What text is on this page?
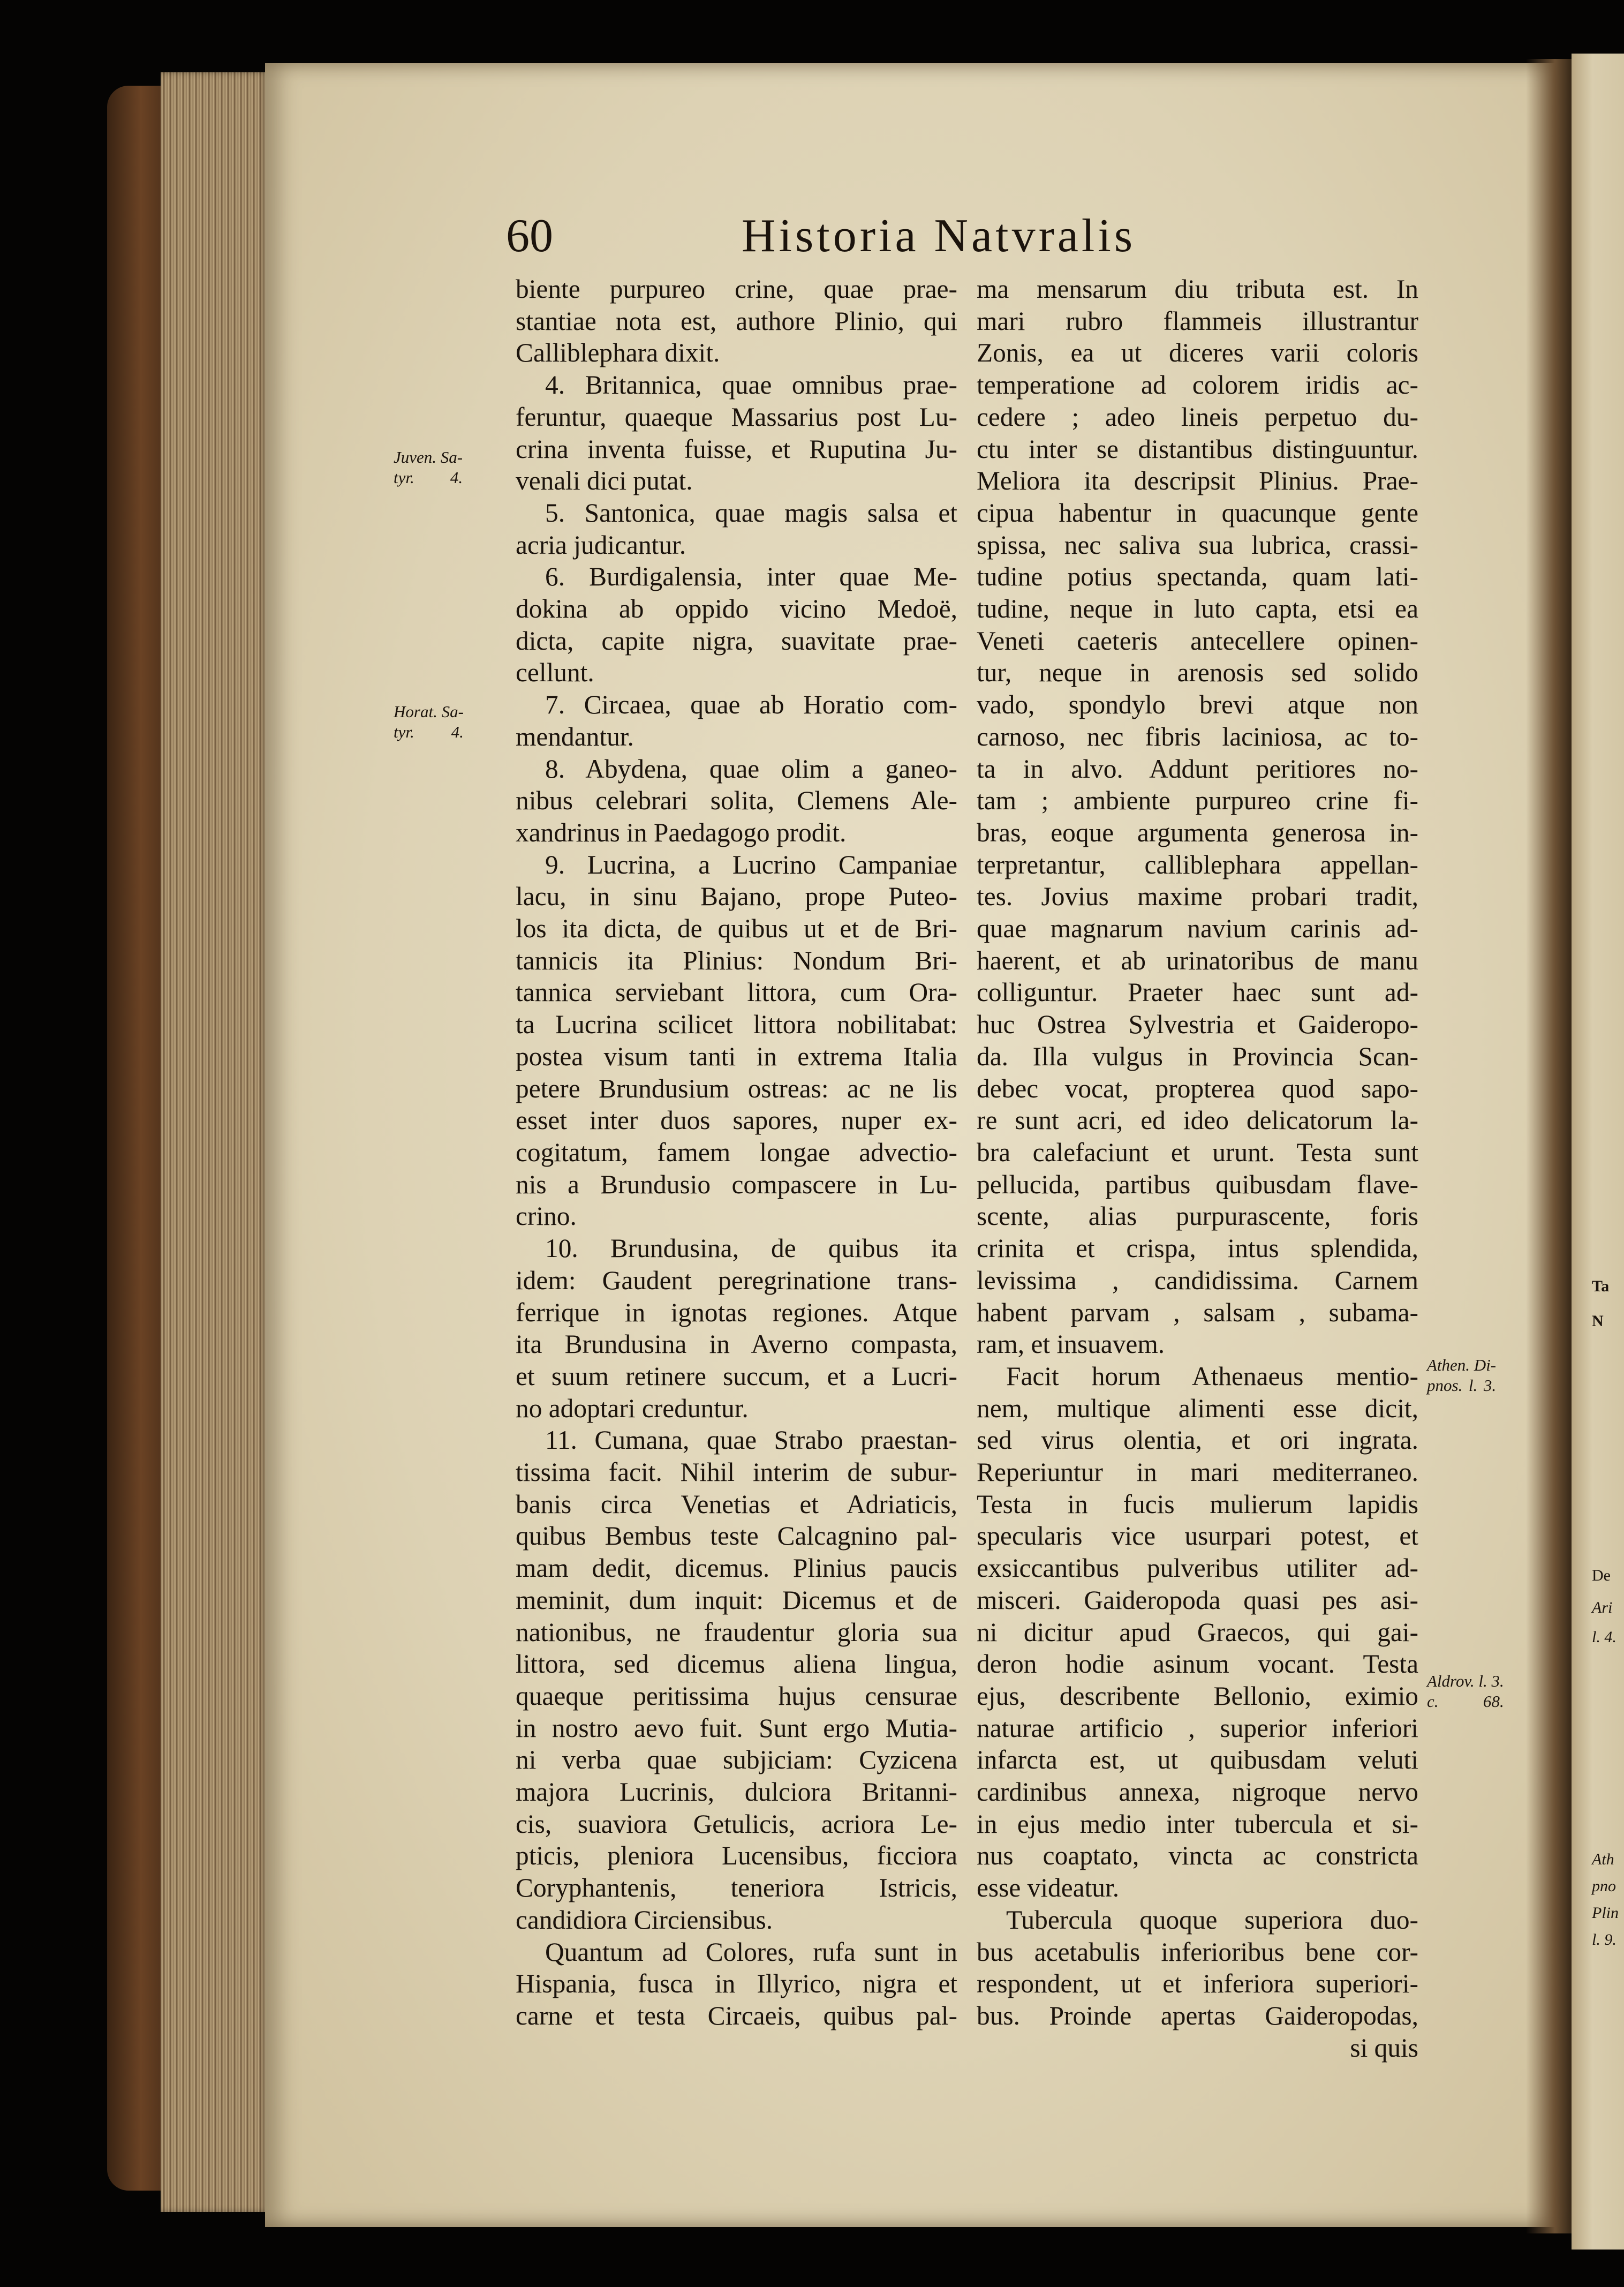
Ta
N
De
Ari
l. 4.
Ath
pno
Plin
l. 9.
60	Historia Natvralis
Juven. Sa-
tyr. 4.
Horat. Sa-
tyr. 4.
Athen. Di-
pnos. l. 3.
Aldrov. l. 3.
c. 68.
biente purpureo crine, quae prae-
stantiae nota est, authore Plinio, qui
Calliblephara dixit.
4. Britannica, quae omnibus prae-
feruntur, quaeque Massarius post Lu-
crina inventa fuisse, et Ruputina Ju-
venali dici putat.
5. Santonica, quae magis salsa et
acria judicantur.
6. Burdigalensia, inter quae Me-
dokina ab oppido vicino Medoë,
dicta, capite nigra, suavitate prae-
cellunt.
7. Circaea, quae ab Horatio com-
mendantur.
8. Abydena, quae olim a ganeo-
nibus celebrari solita, Clemens Ale-
xandrinus in Paedagogo prodit.
9. Lucrina, a Lucrino Campaniae
lacu, in sinu Bajano, prope Puteo-
los ita dicta, de quibus ut et de Bri-
tannicis ita Plinius: Nondum Bri-
tannica serviebant littora, cum Ora-
ta Lucrina scilicet littora nobilitabat:
postea visum tanti in extrema Italia
petere Brundusium ostreas: ac ne lis
esset inter duos sapores, nuper ex-
cogitatum, famem longae advectio-
nis a Brundusio compascere in Lu-
crino.
10. Brundusina, de quibus ita
idem: Gaudent peregrinatione trans-
ferrique in ignotas regiones. Atque
ita Brundusina in Averno compasta,
et suum retinere succum, et a Lucri-
no adoptari creduntur.
11. Cumana, quae Strabo praestan-
tissima facit. Nihil interim de subur-
banis circa Venetias et Adriaticis,
quibus Bembus teste Calcagnino pal-
mam dedit, dicemus. Plinius paucis
meminit, dum inquit: Dicemus et de
nationibus, ne fraudentur gloria sua
littora, sed dicemus aliena lingua,
quaeque peritissima hujus censurae
in nostro aevo fuit. Sunt ergo Mutia-
ni verba quae subjiciam: Cyzicena
majora Lucrinis, dulciora Britanni-
cis, suaviora Getulicis, acriora Le-
pticis, pleniora Lucensibus, ficciora
Coryphantenis, teneriora Istricis,
candidiora Circiensibus.
Quantum ad Colores, rufa sunt in
Hispania, fusca in Illyrico, nigra et
carne et testa Circaeis, quibus pal-
ma mensarum diu tributa est. In
mari rubro flammeis illustrantur
Zonis, ea ut diceres varii coloris
temperatione ad colorem iridis ac-
cedere ; adeo lineis perpetuo du-
ctu inter se distantibus distinguuntur.
Meliora ita descripsit Plinius. Prae-
cipua habentur in quacunque gente
spissa, nec saliva sua lubrica, crassi-
tudine potius spectanda, quam lati-
tudine, neque in luto capta, etsi ea
Veneti caeteris antecellere opinen-
tur, neque in arenosis sed solido
vado, spondylo brevi atque non
carnoso, nec fibris laciniosa, ac to-
ta in alvo. Addunt peritiores no-
tam ; ambiente purpureo crine fi-
bras, eoque argumenta generosa in-
terpretantur, calliblephara appellan-
tes. Jovius maxime probari tradit,
quae magnarum navium carinis ad-
haerent, et ab urinatoribus de manu
colliguntur. Praeter haec sunt ad-
huc Ostrea Sylvestria et Gaideropo-
da. Illa vulgus in Provincia Scan-
debec vocat, propterea quod sapo-
re sunt acri, ed ideo delicatorum la-
bra calefaciunt et urunt. Testa sunt
pellucida, partibus quibusdam flave-
scente, alias purpurascente, foris
crinita et crispa, intus splendida,
levissima , candidissima. Carnem
habent parvam , salsam , subama-
ram, et insuavem.
Facit horum Athenaeus mentio-
nem, multique alimenti esse dicit,
sed virus olentia, et ori ingrata.
Reperiuntur in mari mediterraneo.
Testa in fucis mulierum lapidis
specularis vice usurpari potest, et
exsiccantibus pulveribus utiliter ad-
misceri. Gaideropoda quasi pes asi-
ni dicitur apud Graecos, qui gai-
deron hodie asinum vocant. Testa
ejus, describente Bellonio, eximio
naturae artificio , superior inferiori
infarcta est, ut quibusdam veluti
cardinibus annexa, nigroque nervo
in ejus medio inter tubercula et si-
nus coaptato, vincta ac constricta
esse videatur.
Tubercula quoque superiora duo-
bus acetabulis inferioribus bene cor-
respondent, ut et inferiora superiori-
bus. Proinde apertas Gaideropodas,
si quis
